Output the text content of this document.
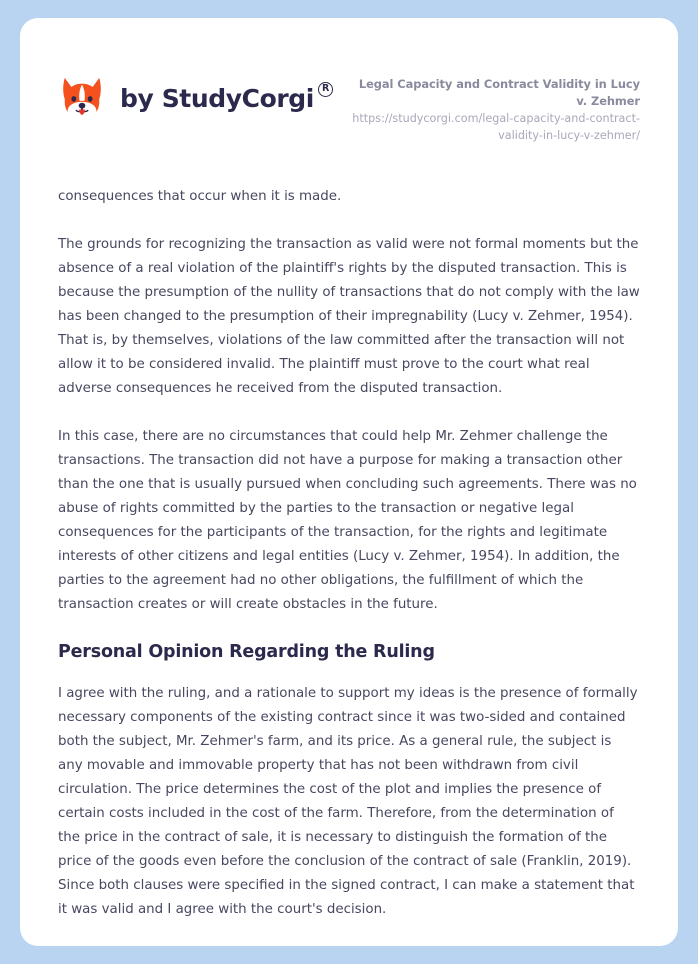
by StudyCorgi R	Legal Capacity and Contract Validity in Lucy v. Zehmer
https://studycorgi.com/legal-capacity-and-contract-validity-in-lucy-v-zehmer/

consequences that occur when it is made.

The grounds for recognizing the transaction as valid were not formal moments but the absence of a real violation of the plaintiff's rights by the disputed transaction. This is because the presumption of the nullity of transactions that do not comply with the law has been changed to the presumption of their impregnability (Lucy v. Zehmer, 1954). That is, by themselves, violations of the law committed after the transaction will not allow it to be considered invalid. The plaintiff must prove to the court what real adverse consequences he received from the disputed transaction.

In this case, there are no circumstances that could help Mr. Zehmer challenge the transactions. The transaction did not have a purpose for making a transaction other than the one that is usually pursued when concluding such agreements. There was no abuse of rights committed by the parties to the transaction or negative legal consequences for the participants of the transaction, for the rights and legitimate interests of other citizens and legal entities (Lucy v. Zehmer, 1954). In addition, the parties to the agreement had no other obligations, the fulfillment of which the transaction creates or will create obstacles in the future.

Personal Opinion Regarding the Ruling

I agree with the ruling, and a rationale to support my ideas is the presence of formally necessary components of the existing contract since it was two-sided and contained both the subject, Mr. Zehmer's farm, and its price. As a general rule, the subject is any movable and immovable property that has not been withdrawn from civil circulation. The price determines the cost of the plot and implies the presence of certain costs included in the cost of the farm. Therefore, from the determination of the price in the contract of sale, it is necessary to distinguish the formation of the price of the goods even before the conclusion of the contract of sale (Franklin, 2019). Since both clauses were specified in the signed contract, I can make a statement that it was valid and I agree with the court's decision.
